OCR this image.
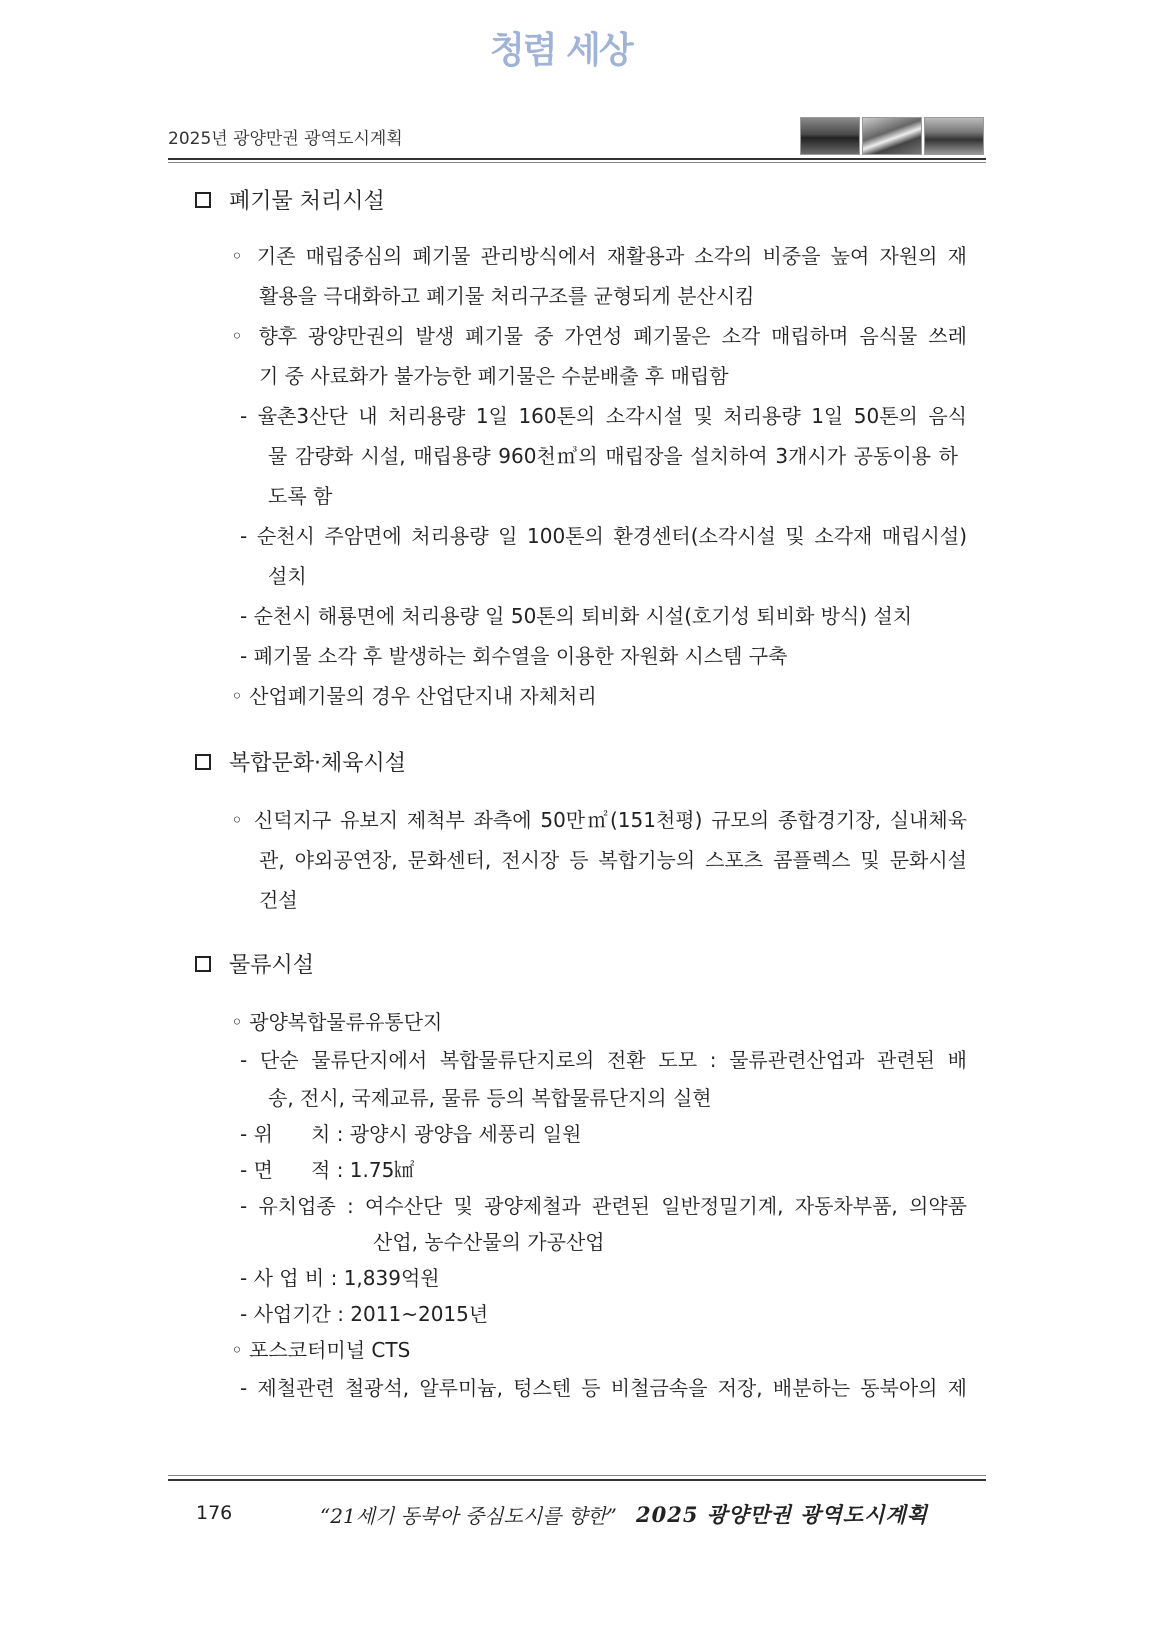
청렴 세상
2025년 광양만권 광역도시계획
폐기물 처리시설
◦ 기존 매립중심의 폐기물 관리방식에서 재활용과 소각의 비중을 높여 자원의 재
활용을 극대화하고 폐기물 처리구조를 균형되게 분산시킴
◦ 향후 광양만권의 발생 폐기물 중 가연성 폐기물은 소각 매립하며 음식물 쓰레
기 중 사료화가 불가능한 폐기물은 수분배출 후 매립함
- 율촌3산단 내 처리용량 1일 160톤의 소각시설 및 처리용량 1일 50톤의 음식
물 감량화 시설, 매립용량 960천㎥의 매립장을 설치하여 3개시가 공동이용 하
도록 함
- 순천시 주암면에 처리용량 일 100톤의 환경센터(소각시설 및 소각재 매립시설)
설치
- 순천시 해룡면에 처리용량 일 50톤의 퇴비화 시설(호기성 퇴비화 방식) 설치
- 폐기물 소각 후 발생하는 회수열을 이용한 자원화 시스템 구축
◦ 산업폐기물의 경우 산업단지내 자체처리
복합문화·체육시설
◦ 신덕지구 유보지 제척부 좌측에 50만㎡(151천평) 규모의 종합경기장, 실내체육
관, 야외공연장, 문화센터, 전시장 등 복합기능의 스포츠 콤플렉스 및 문화시설
건설
물류시설
◦ 광양복합물류유통단지
- 단순 물류단지에서 복합물류단지로의 전환 도모 : 물류관련산업과 관련된 배
송, 전시, 국제교류, 물류 등의 복합물류단지의 실현
- 위      치 : 광양시 광양읍 세풍리 일원
- 면      적 : 1.75㎢
- 유치업종 : 여수산단 및 광양제철과 관련된 일반정밀기계, 자동차부품, 의약품
산업, 농수산물의 가공산업
- 사 업 비 : 1,839억원
- 사업기간 : 2011~2015년
◦ 포스코터미널 CTS
- 제철관련 철광석, 알루미늄, 텅스텐 등 비철금속을 저장, 배분하는 동북아의 제
176	“21세기 동북아 중심도시를 향한” 2025 광양만권 광역도시계획
